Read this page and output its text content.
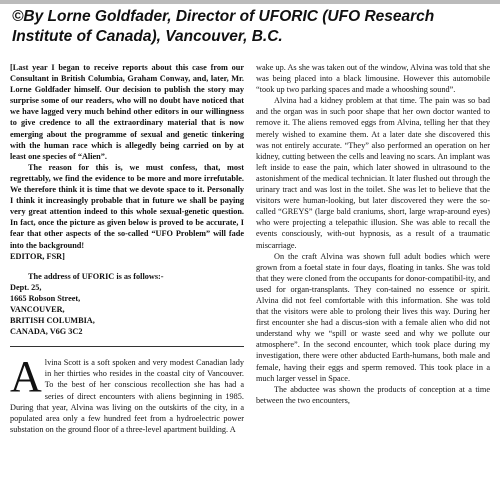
©By Lorne Goldfader, Director of UFORIC (UFO Research Institute of Canada), Vancouver, B.C.

[Last year I began to receive reports about this case from our Consultant in British Columbia, Graham Conway, and, later, Mr. Lorne Goldfader himself. Our decision to publish the story may surprise some of our readers, who will no doubt have noticed that we have lagged very much behind other editors in our willingness to give credence to all the extraordinary material that is now emerging about the programme of sexual and genetic tinkering with the human race which is allegedly being carried on by at least one species of “Alien”.

The reason for this is, we must confess, that, most regrettably, we find the evidence to be more and more irrefutable. We therefore think it is time that we devote space to it. Personally I think it increasingly probable that in future we shall be paying very great attention indeed to this whole sexual-genetic question. In fact, once the picture as given below is proved to be accurate, I fear that other aspects of the so-called “UFO Problem” will fade into the background!

EDITOR, FSR]

The address of UFORIC is as follows:-

Dept. 25,
1665 Robson Street,
VANCOUVER,
BRITISH COLUMBIA,
CANADA, V6G 3C2

Alvina Scott is a soft spoken and very modest Canadian lady in her thirties who resides in the coastal city of Vancouver. To the best of her conscious recollection she has had a series of direct encounters with aliens beginning in 1985. During that year, Alvina was living on the outskirts of the city, in a populated area only a few hundred feet from a hydroelectric power substation on the ground floor of a three-level apartment building. A

wake up. As she was taken out of the window, Alvina was told that she was being placed into a black limousine. However this automobile “took up two parking spaces and made a whooshing sound”.

Alvina had a kidney problem at that time. The pain was so bad and the organ was in such poor shape that her own doctor wanted to remove it. The aliens removed eggs from Alvina, telling her that they merely wished to examine them. At a later date she discovered this was not entirely accurate. “They” also performed an operation on her kidney, cutting between the cells and leaving no scars. An implant was left inside to ease the pain, which later showed in ultrasound to the astonishment of the medical technician. It later flushed out through the urinary tract and was lost in the toilet. She was let to believe that the visitors were human-looking, but later discovered they were the so-called “GREYS” (large bald craniums, short, large wrap-around eyes) who were projecting a telepathic illusion. She was able to recall the events consciously, with-out hypnosis, as a result of a traumatic miscarriage.

On the craft Alvina was shown full adult bodies which were grown from a foetal state in four days, floating in tanks. She was told that they were cloned from the occupants for donor-compatibil-ity, and used for organ-transplants. They con-tained no essence or spirit. Alvina did not feel comfortable with this information. She was told that the visitors were able to prolong their lives this way. During her first encounter she had a discus-sion with a female alien who did not understand why we “spill or waste seed and why we pollute our atmosphere”. In the second encounter, which took place during my investigation, there were other abducted Earth-humans, both male and female, having their eggs and sperm removed. This took place in a much larger vessel in Space.

The abductee was shown the products of conception at a time between the two encounters,
